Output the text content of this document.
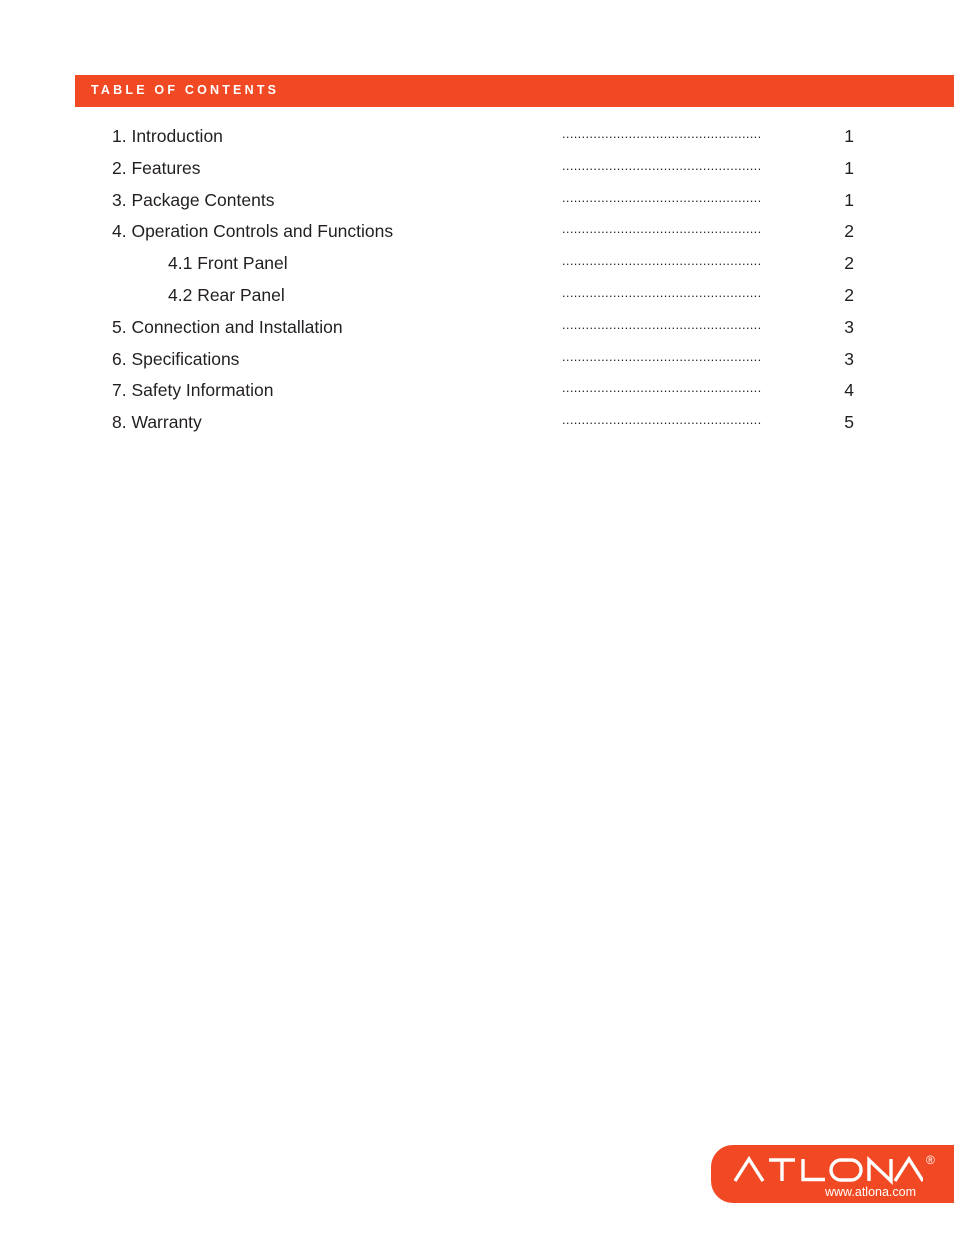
TABLE OF CONTENTS
1. Introduction	...................................................	1
2. Features	...................................................	1
3. Package Contents	...................................................	1
4. Operation Controls and Functions	...................................................	2
4.1 Front Panel	...................................................	2
4.2 Rear Panel	...................................................	2
5. Connection and Installation	...................................................	3
6. Specifications	...................................................	3
7. Safety Information	...................................................	4
8. Warranty	...................................................	5
®
www.atlona.com
